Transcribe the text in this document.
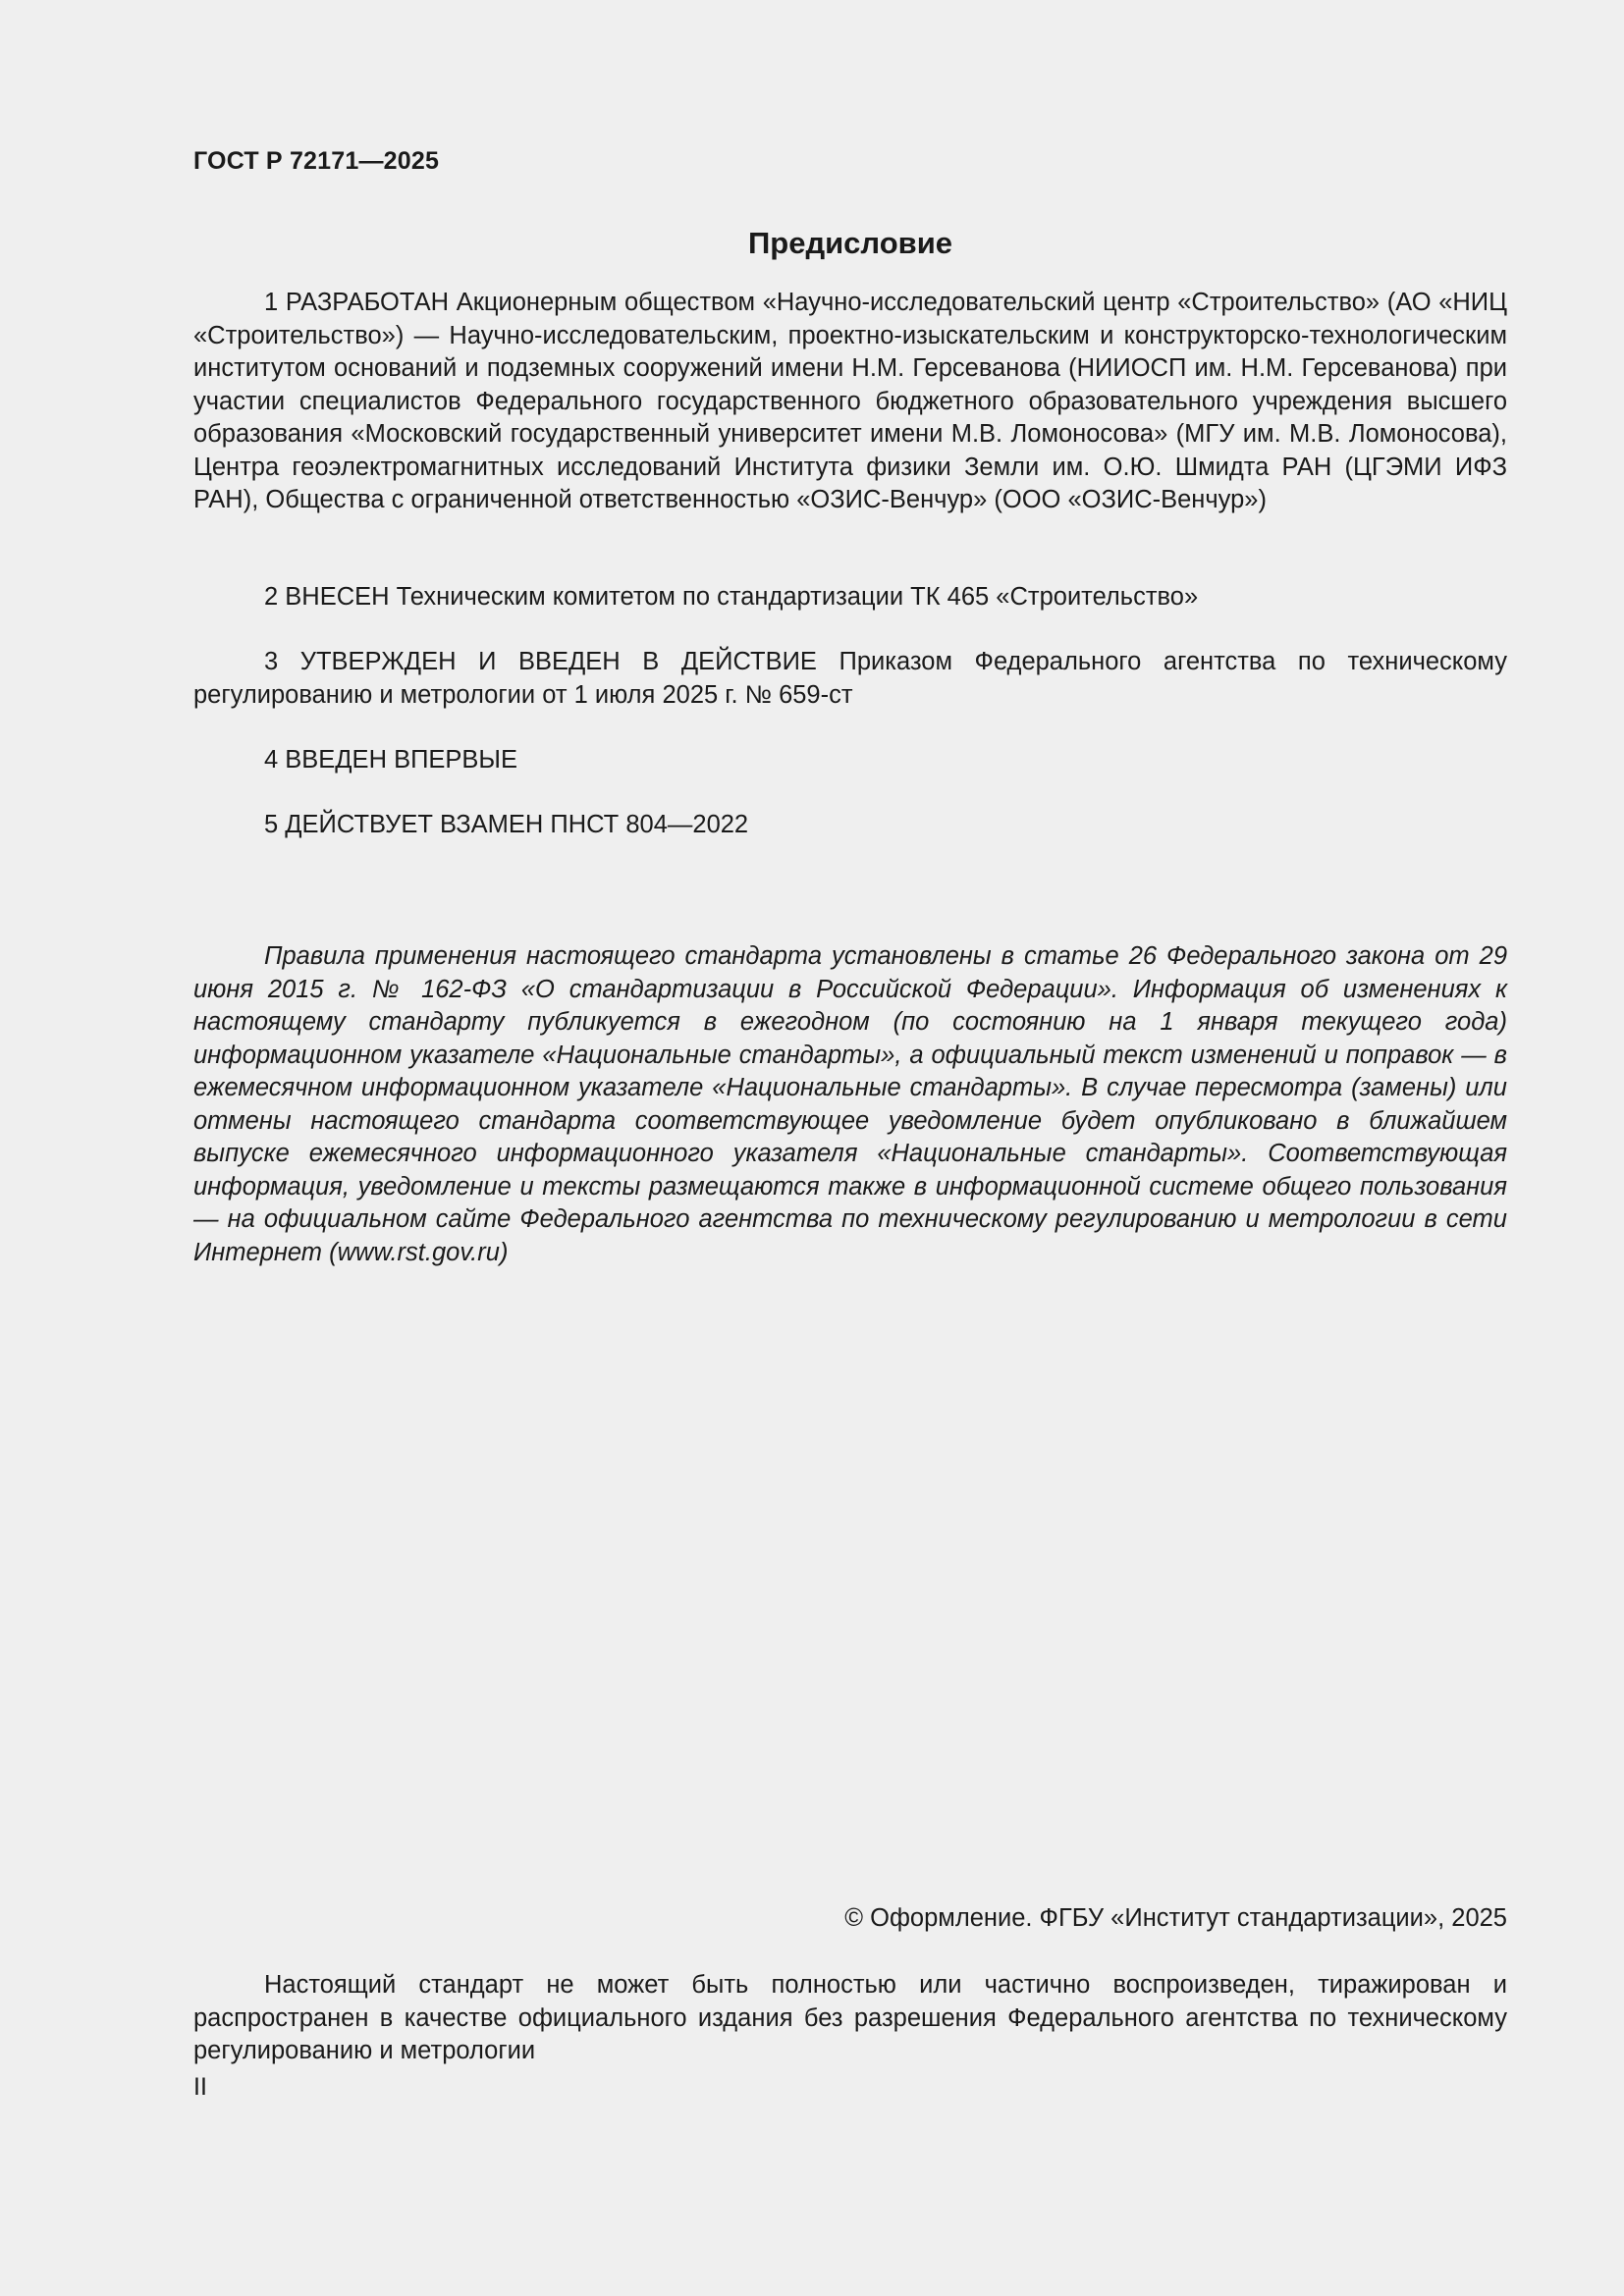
ГОСТ Р 72171—2025
Предисловие

1 РАЗРАБОТАН Акционерным обществом «Научно-исследовательский центр «Строительство» (АО «НИЦ «Строительство») — Научно-исследовательским, проектно-изыскательским и конструкторско-технологическим институтом оснований и подземных сооружений имени Н.М. Герсеванова (НИИОСП им. Н.М. Герсеванова) при участии специалистов Федерального государственного бюджетного образовательного учреждения высшего образования «Московский государственный университет имени М.В. Ломоносова» (МГУ им. М.В. Ломоносова), Центра геоэлектромагнитных исследований Института физики Земли им. О.Ю. Шмидта РАН (ЦГЭМИ ИФЗ РАН), Общества с ограниченной ответственностью «ОЗИС-Венчур» (ООО «ОЗИС-Венчур»)

2 ВНЕСЕН Техническим комитетом по стандартизации ТК 465 «Строительство»

3 УТВЕРЖДЕН И ВВЕДЕН В ДЕЙСТВИЕ Приказом Федерального агентства по техническому регулированию и метрологии от 1 июля 2025 г. № 659-ст

4 ВВЕДЕН ВПЕРВЫЕ

5 ДЕЙСТВУЕТ ВЗАМЕН ПНСТ 804—2022

Правила применения настоящего стандарта установлены в статье 26 Федерального закона от 29 июня 2015 г. № 162-ФЗ «О стандартизации в Российской Федерации». Информация об изменениях к настоящему стандарту публикуется в ежегодном (по состоянию на 1 января текущего года) информационном указателе «Национальные стандарты», а официальный текст изменений и поправок — в ежемесячном информационном указателе «Национальные стандарты». В случае пересмотра (замены) или отмены настоящего стандарта соответствующее уведомление будет опубликовано в ближайшем выпуске ежемесячного информационного указателя «Национальные стандарты». Соответствующая информация, уведомление и тексты размещаются также в информационной системе общего пользования — на официальном сайте Федерального агентства по техническому регулированию и метрологии в сети Интернет (www.rst.gov.ru)

© Оформление. ФГБУ «Институт стандартизации», 2025

Настоящий стандарт не может быть полностью или частично воспроизведен, тиражирован и распространен в качестве официального издания без разрешения Федерального агентства по техническому регулированию и метрологии

II
